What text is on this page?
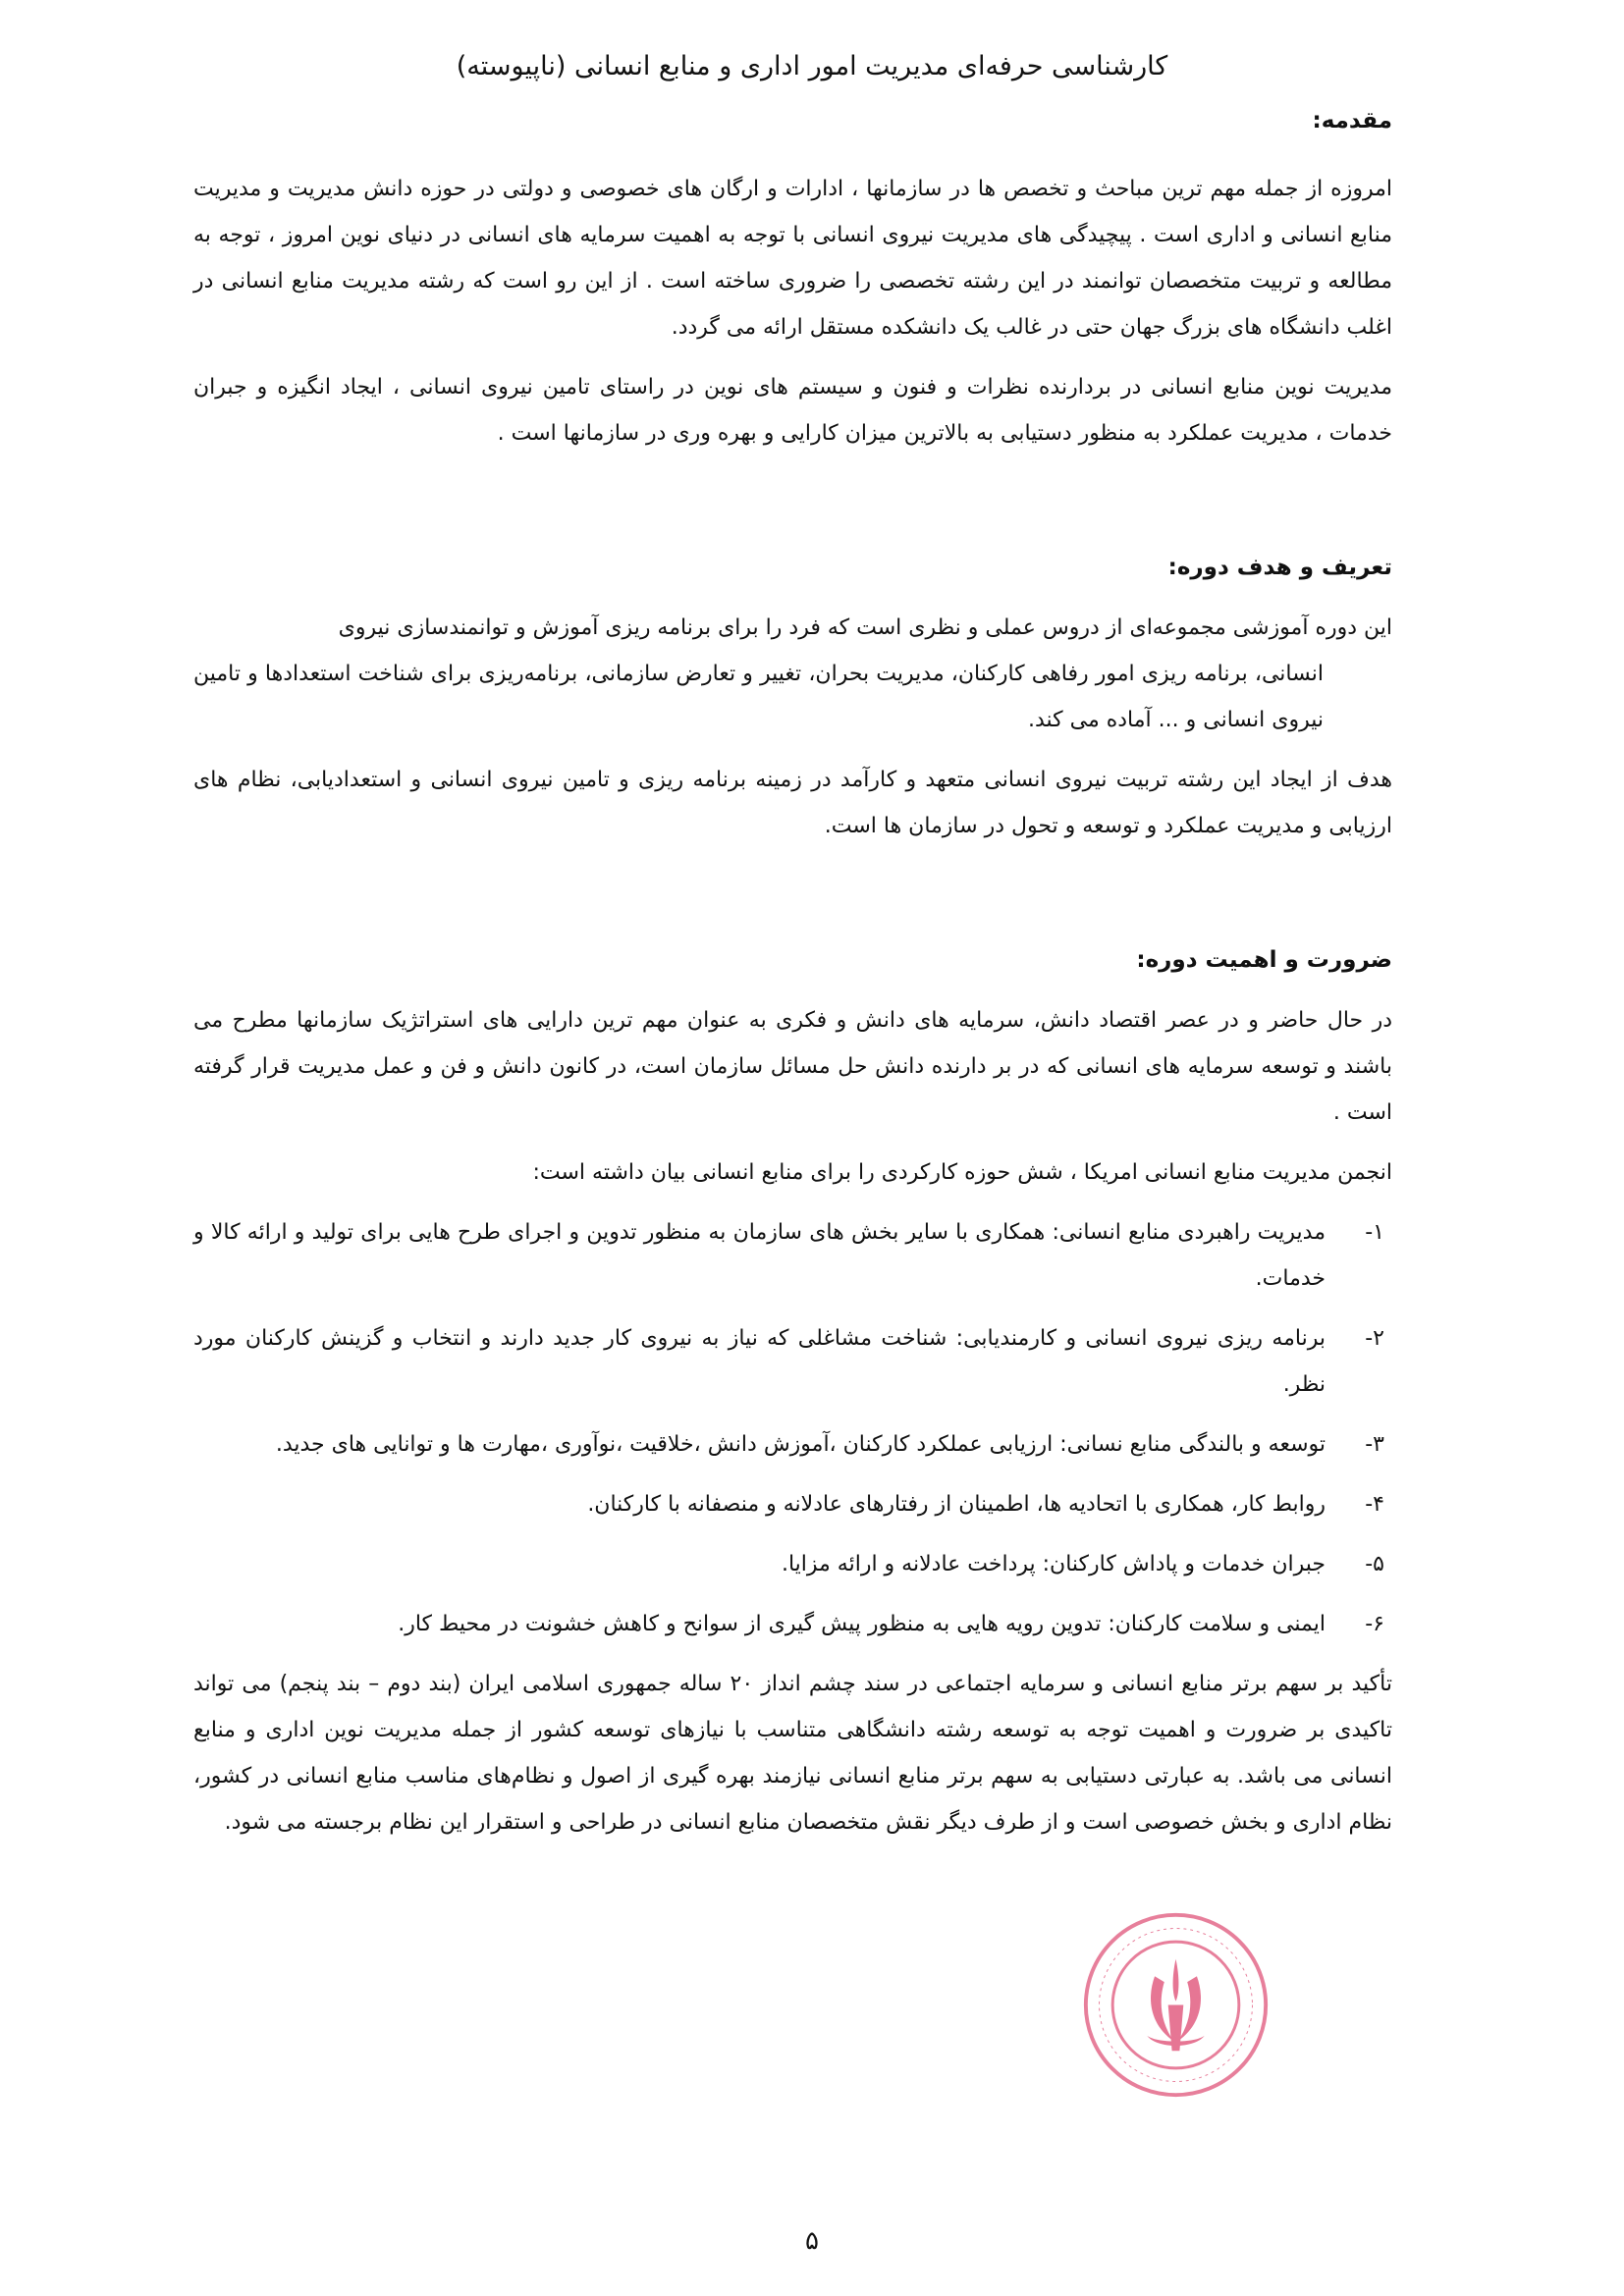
کارشناسی حرفه‌ای مدیریت امور اداری و منابع انسانی (ناپیوسته)

مقدمه:

امروزه از جمله مهم ترین مباحث و تخصص ها در سازمانها ، ادارات و ارگان های خصوصی و دولتی در حوزه دانش مدیریت و مدیریت منابع انسانی و اداری است . پیچیدگی های مدیریت نیروی انسانی با توجه به اهمیت سرمایه های انسانی در دنیای نوین امروز ، توجه به مطالعه و تربیت متخصصان توانمند در این رشته تخصصی را ضروری ساخته است . از این رو است که رشته مدیریت منابع انسانی در اغلب دانشگاه های بزرگ جهان حتی در غالب یک دانشکده مستقل ارائه می گردد.

مدیریت نوین منابع انسانی در بردارنده نظرات و فنون و سیستم های نوین در راستای تامین نیروی انسانی ، ایجاد انگیزه و جبران خدمات ، مدیریت عملکرد به منظور دستیابی به بالاترین میزان کارایی و بهره وری در سازمانها است .

تعریف و هدف دوره:

این دوره آموزشی مجموعه‌ای از دروس عملی و نظری است که فرد را برای برنامه ریزی آموزش و توانمندسازی نیروی
انسانی، برنامه ریزی امور رفاهی کارکنان، مدیریت بحران، تغییر و تعارض سازمانی، برنامه‌ریزی برای شناخت استعدادها و تامین نیروی انسانی و ... آماده می کند.

هدف از ایجاد این رشته تربیت نیروی انسانی متعهد و کارآمد در زمینه برنامه ریزی و تامین نیروی انسانی و استعدادیابی، نظام های ارزیابی و مدیریت عملکرد و توسعه و تحول در سازمان ها است.

ضرورت و اهمیت دوره:

در حال حاضر و در عصر اقتصاد دانش، سرمایه های دانش و فکری به عنوان مهم ترین دارایی های استراتژیک سازمانها مطرح می باشند و توسعه سرمایه های انسانی که در بر دارنده دانش حل مسائل سازمان است، در کانون دانش و فن و عمل مدیریت قرار گرفته است .

انجمن مدیریت منابع انسانی امریکا ، شش حوزه کارکردی را برای منابع انسانی بیان داشته است:

۱-
مدیریت راهبردی منابع انسانی: همکاری با سایر بخش های سازمان به منظور تدوین و اجرای طرح هایی برای تولید و ارائه کالا و خدمات.
۲-
برنامه ریزی نیروی انسانی و کارمندیابی: شناخت مشاغلی که نیاز به نیروی کار جدید دارند و انتخاب و گزینش کارکنان مورد نظر.
۳-
توسعه و بالندگی منابع نسانی: ارزیابی عملکرد کارکنان ،آموزش دانش ،خلاقیت ،نوآوری ،مهارت ها و توانایی های جدید.
۴-
روابط کار، همکاری با اتحادیه ها، اطمینان از رفتارهای عادلانه و منصفانه با کارکنان.
۵-
جبران خدمات و پاداش کارکنان: پرداخت عادلانه و ارائه مزایا.
۶-
ایمنی و سلامت کارکنان: تدوین رویه هایی به منظور پیش گیری از سوانح و کاهش خشونت در محیط کار.

تأکید بر سهم برتر منابع انسانی و سرمایه اجتماعی در سند چشم انداز ۲۰ ساله جمهوری اسلامی ایران (بند دوم – بند پنجم) می تواند تاکیدی بر ضرورت و اهمیت توجه به توسعه رشته دانشگاهی متناسب با نیازهای توسعه کشور از جمله مدیریت نوین اداری و منابع انسانی می باشد. به عبارتی دستیابی به سهم برتر منابع انسانی نیازمند بهره گیری از اصول و نظام‌های مناسب منابع انسانی در کشور، نظام اداری و بخش خصوصی است و از طرف دیگر نقش متخصصان منابع انسانی در طراحی و استقرار این نظام برجسته می شود.

۵
